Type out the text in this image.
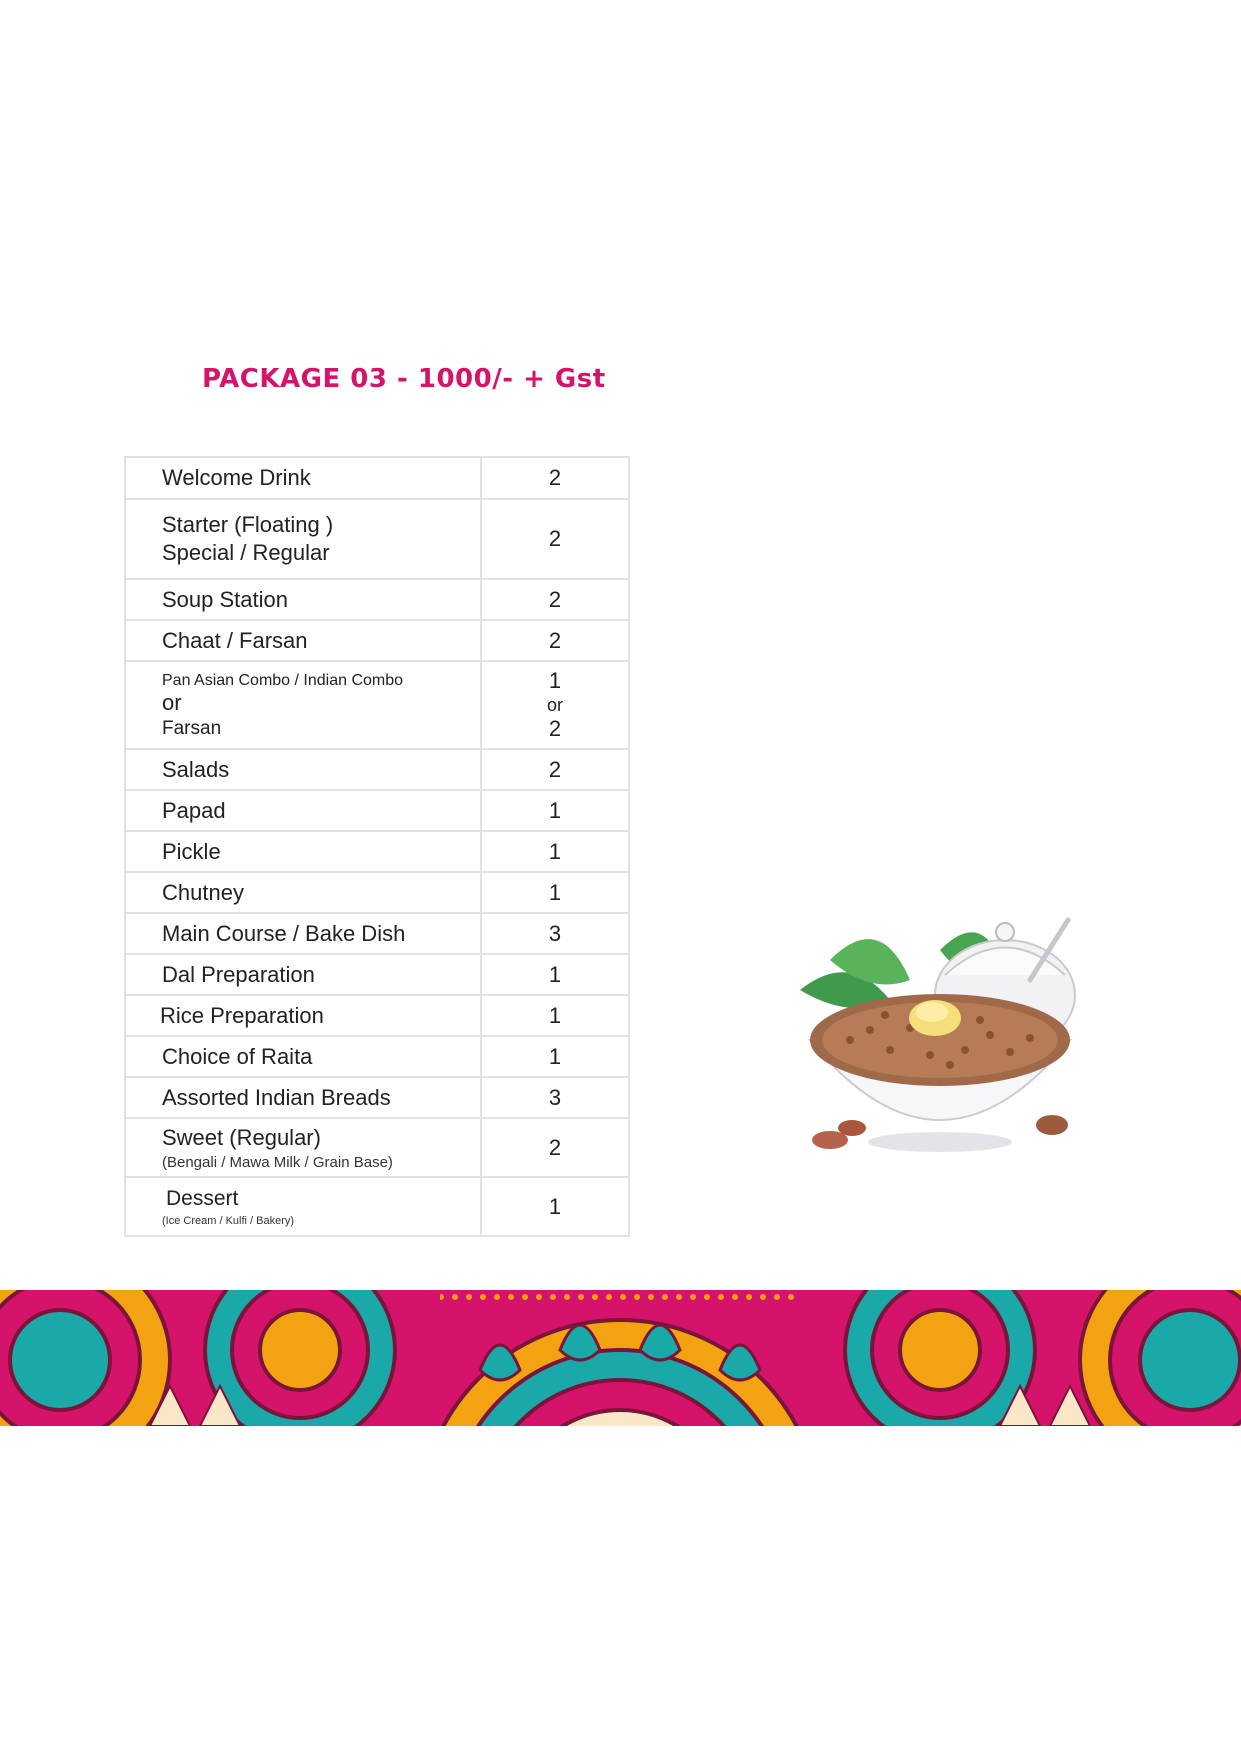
PACKAGE 03 - 1000/- + Gst
Welcome Drink	2

Starter (Floating )
Special / Regular	2
Soup Station	2
Chaat / Farsan	2

Pan Asian Combo / Indian Combo
or
Farsan	1
or
2

Salads	2
Papad	1
Pickle	1
Chutney	1
Main Course / Bake Dish	3
Dal Preparation	1
Rice Preparation	1
Choice of Raita	1
Assorted Indian Breads	3

Sweet (Regular)
(Bengali / Mawa Milk / Grain Base)	2

Dessert
(Ice Cream / Kulfi / Bakery)	1
